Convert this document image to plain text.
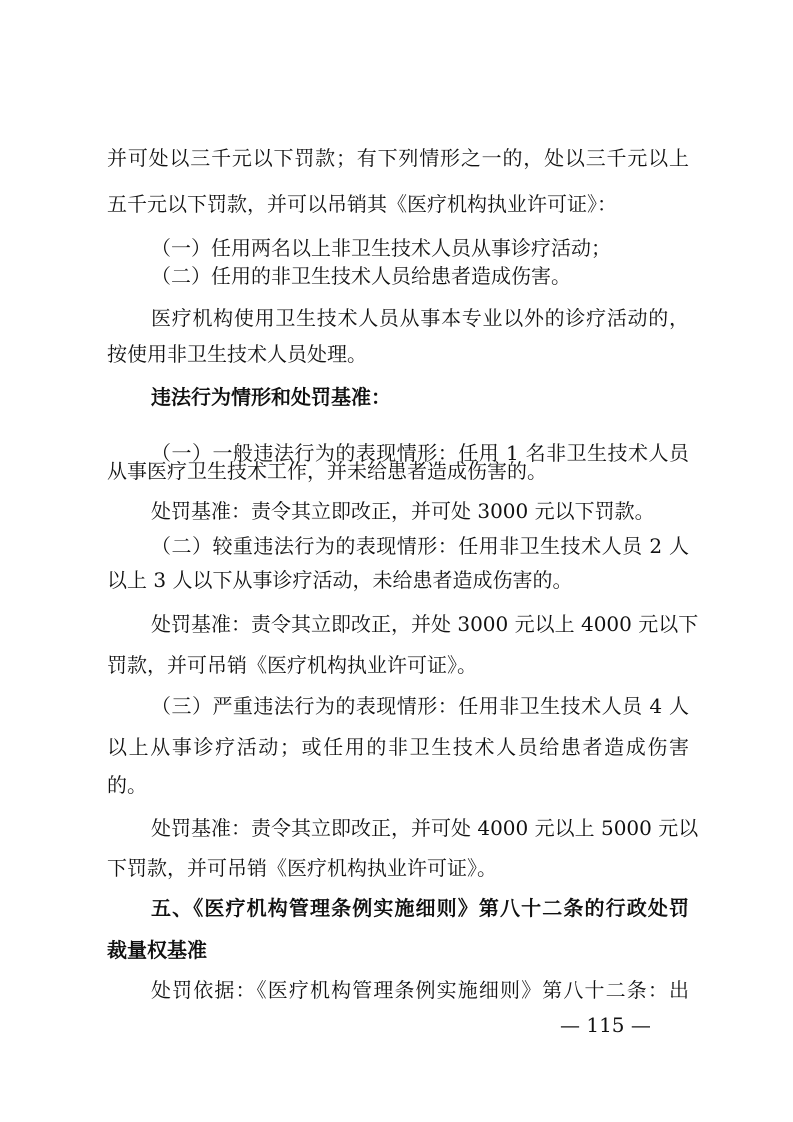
并可处以三千元以下罚款；有下列情形之一的，处以三千元以上
五千元以下罚款，并可以吊销其《医疗机构执业许可证》：
（一）任用两名以上非卫生技术人员从事诊疗活动；
（二）任用的非卫生技术人员给患者造成伤害。
医疗机构使用卫生技术人员从事本专业以外的诊疗活动的，
按使用非卫生技术人员处理。
违法行为情形和处罚基准：
（一）一般违法行为的表现情形：任用 1 名非卫生技术人员
从事医疗卫生技术工作，并未给患者造成伤害的。
处罚基准：责令其立即改正，并可处 3000 元以下罚款。
（二）较重违法行为的表现情形：任用非卫生技术人员 2 人
以上 3 人以下从事诊疗活动，未给患者造成伤害的。
处罚基准：责令其立即改正，并处 3000 元以上 4000 元以下
罚款，并可吊销《医疗机构执业许可证》。
（三）严重违法行为的表现情形：任用非卫生技术人员 4 人
以上从事诊疗活动；或任用的非卫生技术人员给患者造成伤害
的。
处罚基准：责令其立即改正，并可处 4000 元以上 5000 元以
下罚款，并可吊销《医疗机构执业许可证》。
五、《医疗机构管理条例实施细则》第八十二条的行政处罚
裁量权基准
处罚依据：《医疗机构管理条例实施细则》第八十二条：出
— 115 —
